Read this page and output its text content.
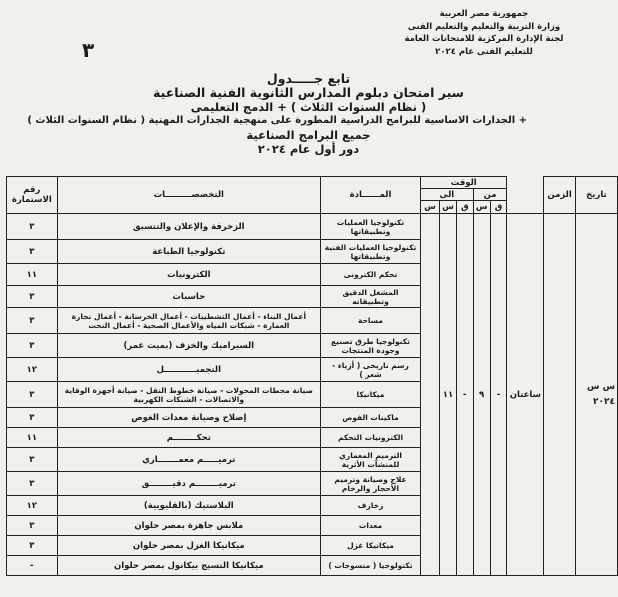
جمهورية مصر العربية
وزارة التربية والتعليم والتعليم الفنى
لجنة الإدارة المركزية للامتحانات العامة
للتعليم الفنى عام ٢٠٢٤
٣
تابع جـــــدول
سير امتحان دبلوم المدارس الثانوية الفنية الصناعية
( نظام السنوات الثلاث ) + الدمج التعليمى
+ الجدارات الاساسية للبرامج الدراسية المطورة على منهجية الجدارات المهنية ( نظام السنوات الثلاث )
جميع البرامج الصناعية
دور أول عام ٢٠٢٤
تاريخ	الزمن		الوقت					المــــــادة	التخصصـــــــــات	رقم الاستمارة
			من		الى					
			ق	س	ق	س	س			
س س ٢٠٢٤		ساعتان	-	٩	-	١١		تكنولوجيا العمليات وتطبيقاتها	الزخرفة والإعلان والتنسيق	٣
								تكنولوجيا العمليات الفنية وتطبيقاتها	تكنولوجيا الطباعة	٣
								تحكم الكترونى	الكترونيات	١١
								المشغل الدقيق وتطبيقاته	حاسبات	٣
								مساحة	أعمال البناء - أعمال التشطيبات - أعمال الخرسانة - أعمال نجارة العمارة - شبكات المياه والأعمال الصحية - أعمال النحت	٣
								تكنولوجيا طرق تصنيع وجودة المنتجات	السيراميك والخزف (بميت غمر)	٣
								رسم تاريخى ( أزياء - شعر )	التجميـــــــــــل	١٢
								ميكانيكا	صيانة محطات المحولات - صيانة خطوط النقل - صيانة أجهزة الوقاية والاتصالات - الشبكات الكهربية	٣
								ماكينات الفوص	إصلاح وصيانة معدات الغوص	٣
								الكترونيات التحكم	تحكــــــــم	١١
								الترميم المعماري للمنشآت الأثرية	ترميـــــم معمـــــــاري	٣
								علاج وصيانة وترميم الأحجار والرخام	ترميــــــــم دقيــــــــق	٣
								زخارف	البلاستيك (بالقليوبية)	١٢
								معدات	ملابس جاهزة بمصر حلوان	٣
								ميكانيكا غزل	ميكانيكا الغزل بمصر حلوان	٣
								تكنولوجيا ( منسوجات )	ميكانيكا النسيج بيكانول بمصر حلوان	-
